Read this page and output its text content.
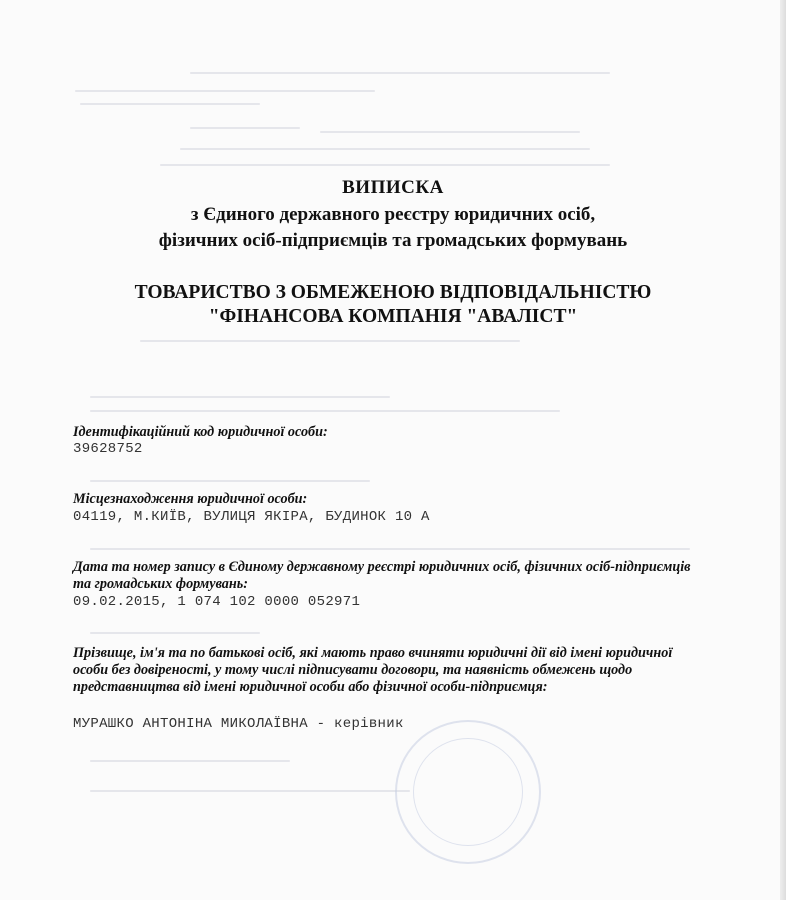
ВИПИСКА
з Єдиного державного реєстру юридичних осіб,
фізичних осіб-підприємців та громадських формувань
ТОВАРИСТВО З ОБМЕЖЕНОЮ ВІДПОВІДАЛЬНІСТЮ
"ФІНАНСОВА КОМПАНІЯ "АВАЛІСТ"
Ідентифікаційний код юридичної особи:
39628752
Місцезнаходження юридичної особи:
04119, М.КИЇВ, ВУЛИЦЯ ЯКІРА, БУДИНОК 10 А
Дата та номер запису в Єдиному державному реєстрі юридичних осіб, фізичних осіб-підприємців та громадських формувань:
09.02.2015, 1 074 102 0000 052971
Прізвище, ім'я та по батькові осіб, які мають право вчиняти юридичні дії від імені юридичної особи без довіреності, у тому числі підписувати договори, та наявність обмежень щодо представництва від імені юридичної особи або фізичної особи-підприємця:
МУРАШКО АНТОНІНА МИКОЛАЇВНА - керівник
